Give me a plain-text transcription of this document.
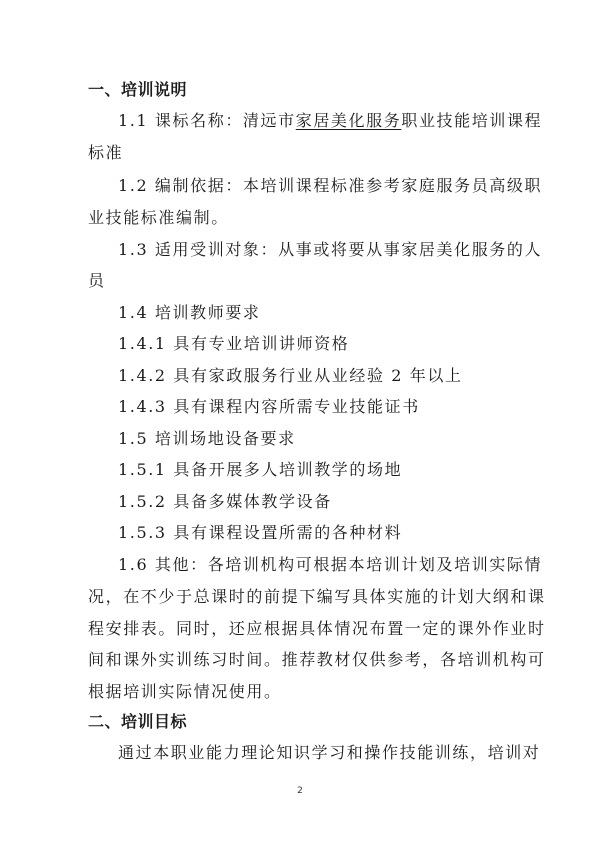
一、培训说明
1.1 课标名称：清远市家居美化服务职业技能培训课程
标准
1.2 编制依据：本培训课程标准参考家庭服务员高级职
业技能标准编制。
1.3 适用受训对象：从事或将要从事家居美化服务的人
员
1.4 培训教师要求
1.4.1 具有专业培训讲师资格
1.4.2 具有家政服务行业从业经验 2 年以上
1.4.3 具有课程内容所需专业技能证书
1.5 培训场地设备要求
1.5.1 具备开展多人培训教学的场地
1.5.2 具备多媒体教学设备
1.5.3 具有课程设置所需的各种材料
1.6 其他：各培训机构可根据本培训计划及培训实际情
况，在不少于总课时的前提下编写具体实施的计划大纲和课
程安排表。同时，还应根据具体情况布置一定的课外作业时
间和课外实训练习时间。推荐教材仅供参考，各培训机构可
根据培训实际情况使用。
二、培训目标
通过本职业能力理论知识学习和操作技能训练，培训对
2
